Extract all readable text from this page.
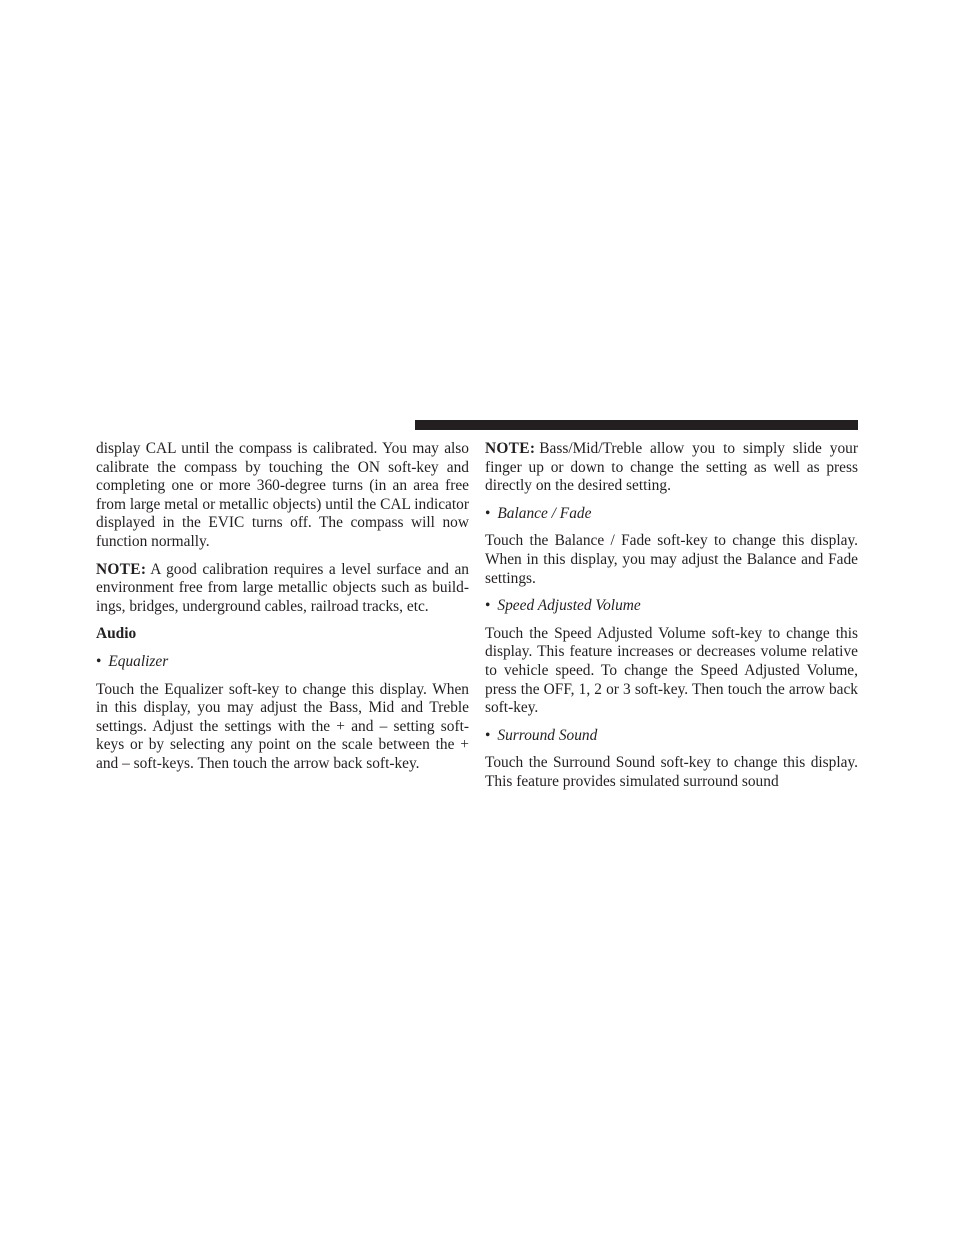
display CAL until the compass is calibrated. You may also calibrate the compass by touching the ON soft-key and completing one or more 360-degree turns (in an area free from large metal or metallic objects) until the CAL indicator displayed in the EVIC turns off. The compass will now function normally.

NOTE: A good calibration requires a level surface and an environment free from large metallic objects such as buildings, bridges, underground cables, railroad tracks, etc.

Audio
• Equalizer

Touch the Equalizer soft-key to change this display. When in this display, you may adjust the Bass, Mid and Treble settings. Adjust the settings with the + and – setting soft-keys or by selecting any point on the scale between the + and – soft-keys. Then touch the arrow back soft-key.

NOTE: Bass/Mid/Treble allow you to simply slide your finger up or down to change the setting as well as press directly on the desired setting.

• Balance / Fade

Touch the Balance / Fade soft-key to change this display. When in this display, you may adjust the Balance and Fade settings.

• Speed Adjusted Volume

Touch the Speed Adjusted Volume soft-key to change this display. This feature increases or decreases volume relative to vehicle speed. To change the Speed Adjusted Volume, press the OFF, 1, 2 or 3 soft-key. Then touch the arrow back soft-key.

• Surround Sound

Touch the Surround Sound soft-key to change this display. This feature provides simulated surround sound
